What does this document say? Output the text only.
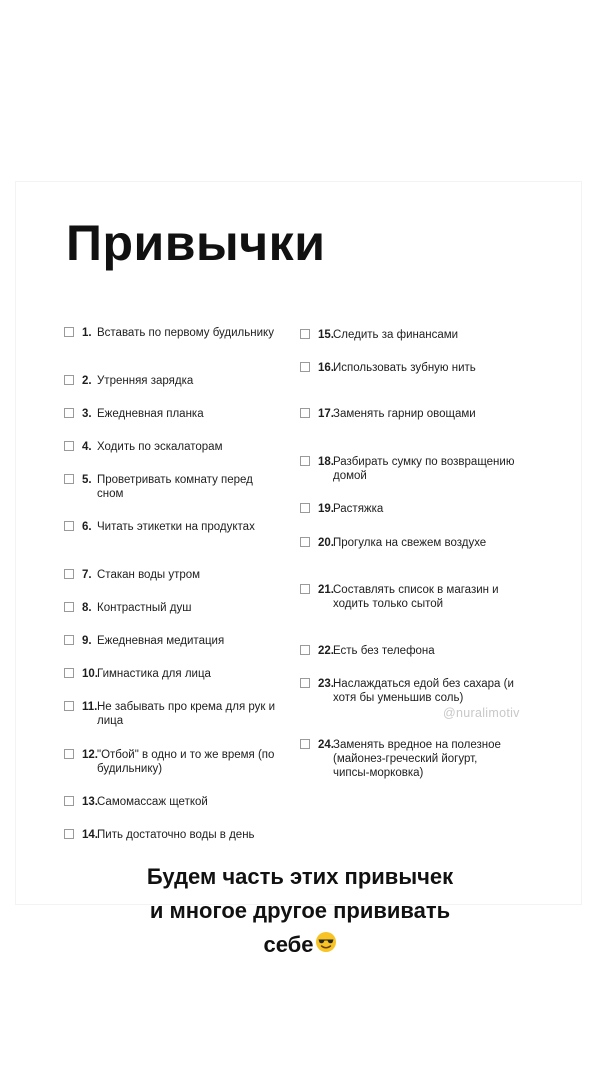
Привычки
1. Вставать по первому будильнику
2. Утренняя зарядка
3. Ежедневная планка
4. Ходить по эскалаторам
5. Проветривать комнату перед сном
6. Читать этикетки на продуктах
7. Стакан воды утром
8. Контрастный душ
9. Ежедневная медитация
10. Гимнастика для лица
11. Не забывать про крема для рук и лица
12. "Отбой" в одно и то же время (по будильнику)
13. Самомассаж щеткой
14. Пить достаточно воды в день
15. Следить за финансами
16. Использовать зубную нить
17. Заменять гарнир овощами
18. Разбирать сумку по возвращению домой
19. Растяжка
20. Прогулка на свежем воздухе
21. Составлять список в магазин и ходить только сытой
22. Есть без телефона
23. Наслаждаться едой без сахара (и хотя бы уменьшив соль)
24. Заменять вредное на полезное (майонез-греческий йогурт, чипсы-морковка)
@nuralimotiv
Будем часть этих привычек
и многое другое прививать
себе
